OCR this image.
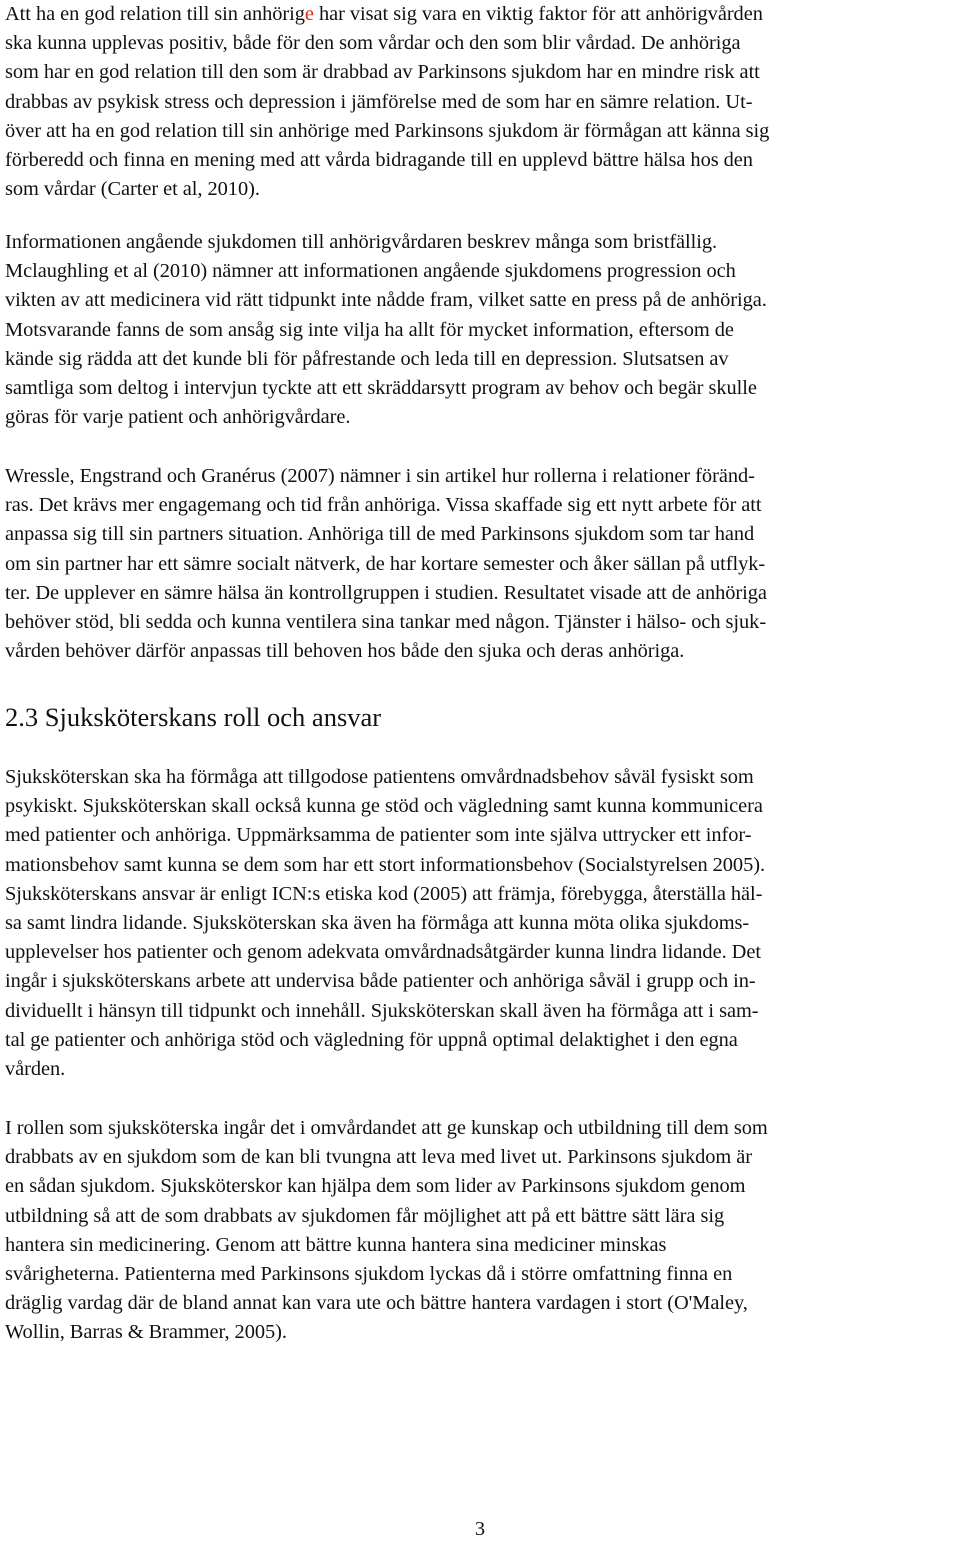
Att ha en god relation till sin anhörige har visat sig vara en viktig faktor för att anhörigvården
ska kunna upplevas positiv, både för den som vårdar och den som blir vårdad. De anhöriga
som har en god relation till den som är drabbad av Parkinsons sjukdom har en mindre risk att
drabbas av psykisk stress och depression i jämförelse med de som har en sämre relation. Ut-
över att ha en god relation till sin anhörige med Parkinsons sjukdom är förmågan att känna sig
förberedd och finna en mening med att vårda bidragande till en upplevd bättre hälsa hos den
som vårdar (Carter et al, 2010).

Informationen angående sjukdomen till anhörigvårdaren beskrev många som bristfällig.
Mclaughling et al (2010) nämner att informationen angående sjukdomens progression och
vikten av att medicinera vid rätt tidpunkt inte nådde fram, vilket satte en press på de anhöriga.
Motsvarande fanns de som ansåg sig inte vilja ha allt för mycket information, eftersom de
kände sig rädda att det kunde bli för påfrestande och leda till en depression. Slutsatsen av
samtliga som deltog i intervjun tyckte att ett skräddarsytt program av behov och begär skulle
göras för varje patient och anhörigvårdare.

Wressle, Engstrand och Granérus (2007) nämner i sin artikel hur rollerna i relationer föränd-
ras. Det krävs mer engagemang och tid från anhöriga. Vissa skaffade sig ett nytt arbete för att
anpassa sig till sin partners situation. Anhöriga till de med Parkinsons sjukdom som tar hand
om sin partner har ett sämre socialt nätverk, de har kortare semester och åker sällan på utflyk-
ter. De upplever en sämre hälsa än kontrollgruppen i studien. Resultatet visade att de anhöriga
behöver stöd, bli sedda och kunna ventilera sina tankar med någon. Tjänster i hälso- och sjuk-
vården behöver därför anpassas till behoven hos både den sjuka och deras anhöriga.

2.3 Sjuksköterskans roll och ansvar

Sjuksköterskan ska ha förmåga att tillgodose patientens omvårdnadsbehov såväl fysiskt som
psykiskt. Sjuksköterskan skall också kunna ge stöd och vägledning samt kunna kommunicera
med patienter och anhöriga. Uppmärksamma de patienter som inte själva uttrycker ett infor-
mationsbehov samt kunna se dem som har ett stort informationsbehov (Socialstyrelsen 2005).
Sjuksköterskans ansvar är enligt ICN:s etiska kod (2005) att främja, förebygga, återställa häl-
sa samt lindra lidande. Sjuksköterskan ska även ha förmåga att kunna möta olika sjukdoms-
upplevelser hos patienter och genom adekvata omvårdnadsåtgärder kunna lindra lidande. Det
ingår i sjuksköterskans arbete att undervisa både patienter och anhöriga såväl i grupp och in-
dividuellt i hänsyn till tidpunkt och innehåll. Sjuksköterskan skall även ha förmåga att i sam-
tal ge patienter och anhöriga stöd och vägledning för uppnå optimal delaktighet i den egna
vården.

I rollen som sjuksköterska ingår det i omvårdandet att ge kunskap och utbildning till dem som
drabbats av en sjukdom som de kan bli tvungna att leva med livet ut. Parkinsons sjukdom är
en sådan sjukdom. Sjuksköterskor kan hjälpa dem som lider av Parkinsons sjukdom genom
utbildning så att de som drabbats av sjukdomen får möjlighet att på ett bättre sätt lära sig
hantera sin medicinering. Genom att bättre kunna hantera sina mediciner minskas
svårigheterna. Patienterna med Parkinsons sjukdom lyckas då i större omfattning finna en
dräglig vardag där de bland annat kan vara ute och bättre hantera vardagen i stort (O'Maley,
Wollin, Barras & Brammer, 2005).

3
